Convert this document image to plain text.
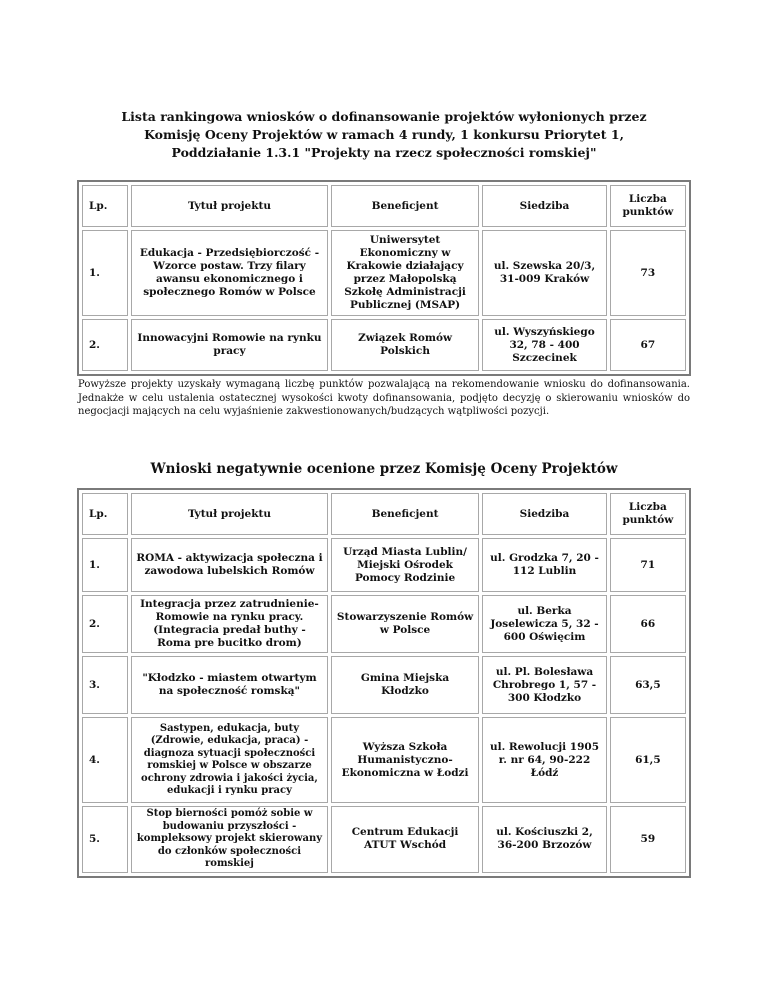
Lista rankingowa wniosków o dofinansowanie projektów wyłonionych przez
Komisję Oceny Projektów w ramach 4 rundy, 1 konkursu Priorytet 1,
Poddziałanie 1.3.1 "Projekty na rzecz społeczności romskiej"
Lp.	Tytuł projektu	Beneficjent	Siedziba	Liczba punktów
1.	Edukacja - Przedsiębiorczość - Wzorce postaw. Trzy filary awansu ekonomicznego i społecznego Romów w Polsce	Uniwersytet Ekonomiczny w Krakowie działający przez Małopolską Szkołę Administracji Publicznej (MSAP)	ul. Szewska 20/3, 31-009 Kraków	73
2.	Innowacyjni Romowie na rynku pracy	Związek Romów Polskich	ul. Wyszyńskiego 32, 78 - 400 Szczecinek	67
Powyższe projekty uzyskały wymaganą liczbę punktów pozwalającą na rekomendowanie wniosku do dofinansowania. Jednakże w celu ustalenia ostatecznej wysokości kwoty dofinansowania, podjęto decyzję o skierowaniu wniosków do negocjacji mających na celu wyjaśnienie zakwestionowanych/budzących wątpliwości pozycji.
Wnioski negatywnie ocenione przez Komisję Oceny Projektów
Lp.	Tytuł projektu	Beneficjent	Siedziba	Liczba punktów
1.	ROMA - aktywizacja społeczna i zawodowa lubelskich Romów	Urząd Miasta Lublin/ Miejski Ośrodek Pomocy Rodzinie	ul. Grodzka 7, 20 - 112 Lublin	71
2.	Integracja przez zatrudnienie- Romowie na rynku pracy. (Integracia predał buthy - Roma pre bucitko drom)	Stowarzyszenie Romów w Polsce	ul. Berka Joselewicza 5, 32 - 600 Oświęcim	66
3.	"Kłodzko - miastem otwartym na społeczność romską"	Gmina Miejska Kłodzko	ul. Pl. Bolesława Chrobrego 1, 57 - 300 Kłodzko	63,5
4.	Sastypen, edukacja, buty (Zdrowie, edukacja, praca) - diagnoza sytuacji społeczności romskiej w Polsce w obszarze ochrony zdrowia i jakości życia, edukacji i rynku pracy	Wyższa Szkoła Humanistyczno- Ekonomiczna w Łodzi	ul. Rewolucji 1905 r. nr 64, 90-222 Łódź	61,5
5.	Stop bierności pomóż sobie w budowaniu przyszłości - kompleksowy projekt skierowany do członków społeczności romskiej	Centrum Edukacji ATUT Wschód	ul. Kościuszki 2, 36-200 Brzozów	59
